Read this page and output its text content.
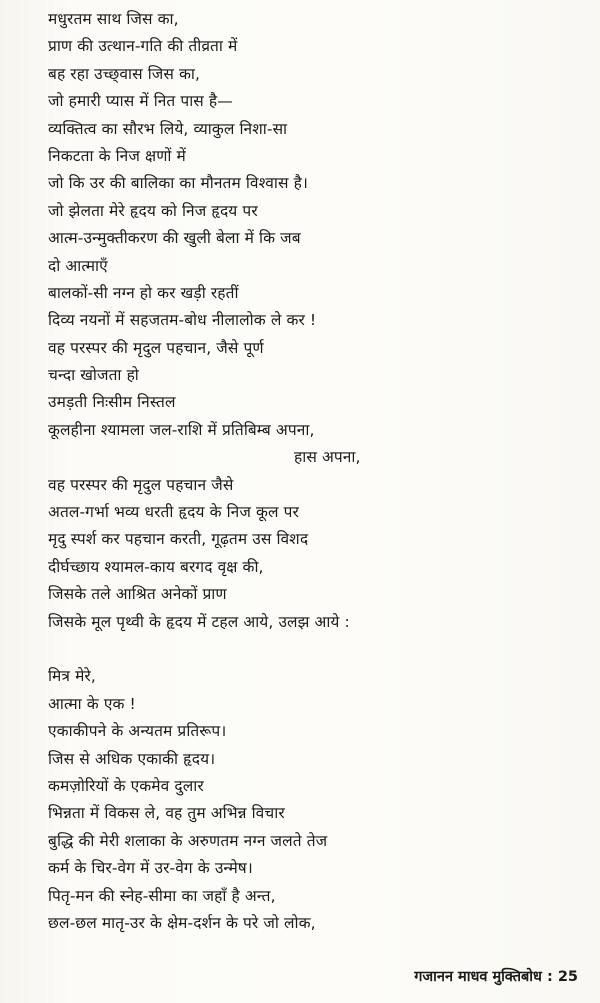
मधुरतम साथ जिस का,
प्राण की उत्थान-गति की तीव्रता में
बह रहा उच्छ्‌वास जिस का,
जो हमारी प्यास में नित पास है—
व्यक्तित्व का सौरभ लिये, व्याकुल निशा-सा
निकटता के निज क्षणों में
जो कि उर की बालिका का मौनतम विश्वास है।
जो झेलता मेरे हृदय को निज हृदय पर
आत्म-उन्मुक्तीकरण की खुली बेला में कि जब
दो आत्माएँ
बालकों-सी नग्न हो कर खड़ी रहतीं
दिव्य नयनों में सहजतम-बोध नीलालोक ले कर !
वह परस्पर की मृदुल पहचान, जैसे पूर्ण
चन्दा खोजता हो
उमड़ती निःसीम निस्तल
कूलहीना श्यामला जल-राशि में प्रतिबिम्ब अपना,
हास अपना,
वह परस्पर की मृदुल पहचान जैसे
अतल-गर्भा भव्य धरती हृदय के निज कूल पर
मृदु स्पर्श कर पहचान करती, गूढ़तम उस विशद
दीर्घच्छाय श्यामल-काय बरगद वृक्ष की,
जिसके तले आश्रित अनेकों प्राण
जिसके मूल पृथ्वी के हृदय में टहल आये, उलझ आये :
मित्र मेरे,
आत्मा के एक !
एकाकीपने के अन्यतम प्रतिरूप।
जिस से अधिक एकाकी हृदय।
कमज़ोरियों के एकमेव दुलार
भिन्नता में विकस ले, वह तुम अभिन्न विचार
बुद्धि की मेरी शलाका के अरुणतम नग्न जलते तेज
कर्म के चिर-वेग में उर-वेग के उन्मेष।
पितृ-मन की स्नेह-सीमा का जहाँ है अन्त,
छल-छल मातृ-उर के क्षेम-दर्शन के परे जो लोक,
गजानन माधव मुक्तिबोध : 25
